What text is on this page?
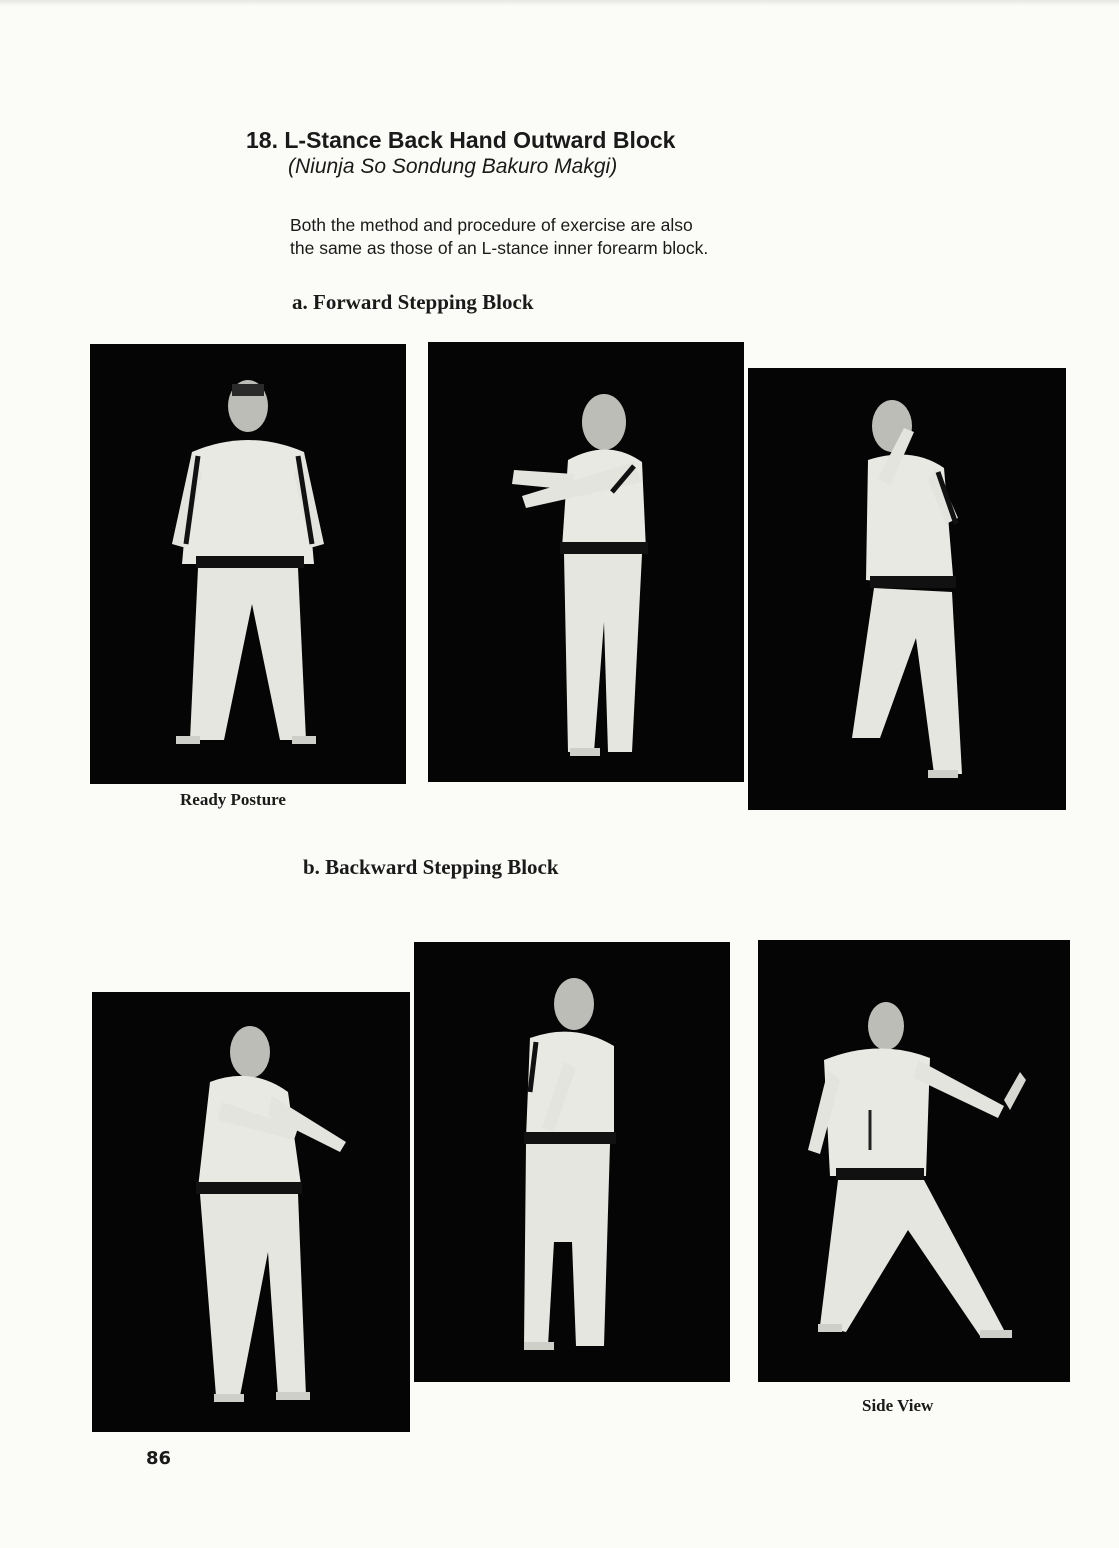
18. L-Stance Back Hand Outward Block
(Niunja So Sondung Bakuro Makgi)
Both the method and procedure of exercise are also
the same as those of an L-stance inner forearm block.
a. Forward Stepping Block
Ready Posture
b. Backward Stepping Block
Side View
86
